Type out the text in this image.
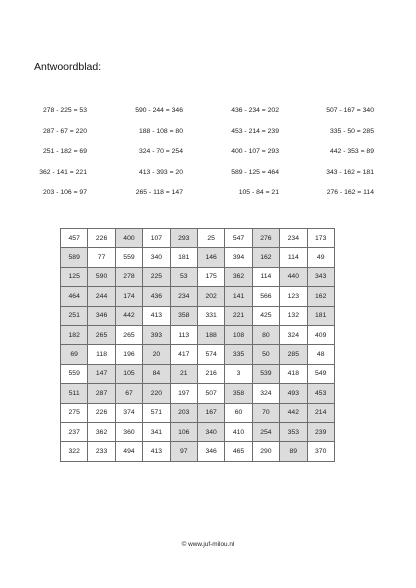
Antwoordblad:
278 - 225 = 53	590 - 244 = 346	436 - 234 = 202	507 - 167 = 340
287 - 67 = 220	188 - 108 = 80	453 - 214 = 239	335 - 50 = 285
251 - 182 = 69	324 - 70 = 254	400 - 107 = 293	442 - 353 = 89
362 - 141 = 221	413 - 393 = 20	589 - 125 = 464	343 - 162 = 181
203 - 106 = 97	265 - 118 = 147	105 - 84 = 21	276 - 162 = 114
457	226	400	107	293	25	547	276	234	173
589	77	559	340	181	146	394	162	114	49
125	590	278	225	53	175	362	114	440	343
464	244	174	436	234	202	141	566	123	162
251	346	442	413	358	331	221	425	132	181
182	265	265	393	113	188	108	80	324	409
69	118	196	20	417	574	335	50	285	48
559	147	105	84	21	216	3	539	418	549
511	287	67	220	197	507	358	324	493	453
275	226	374	571	203	167	60	70	442	214
237	362	360	341	106	340	410	254	353	239
322	233	494	413	97	346	465	290	89	370
© www.juf-milou.nl
